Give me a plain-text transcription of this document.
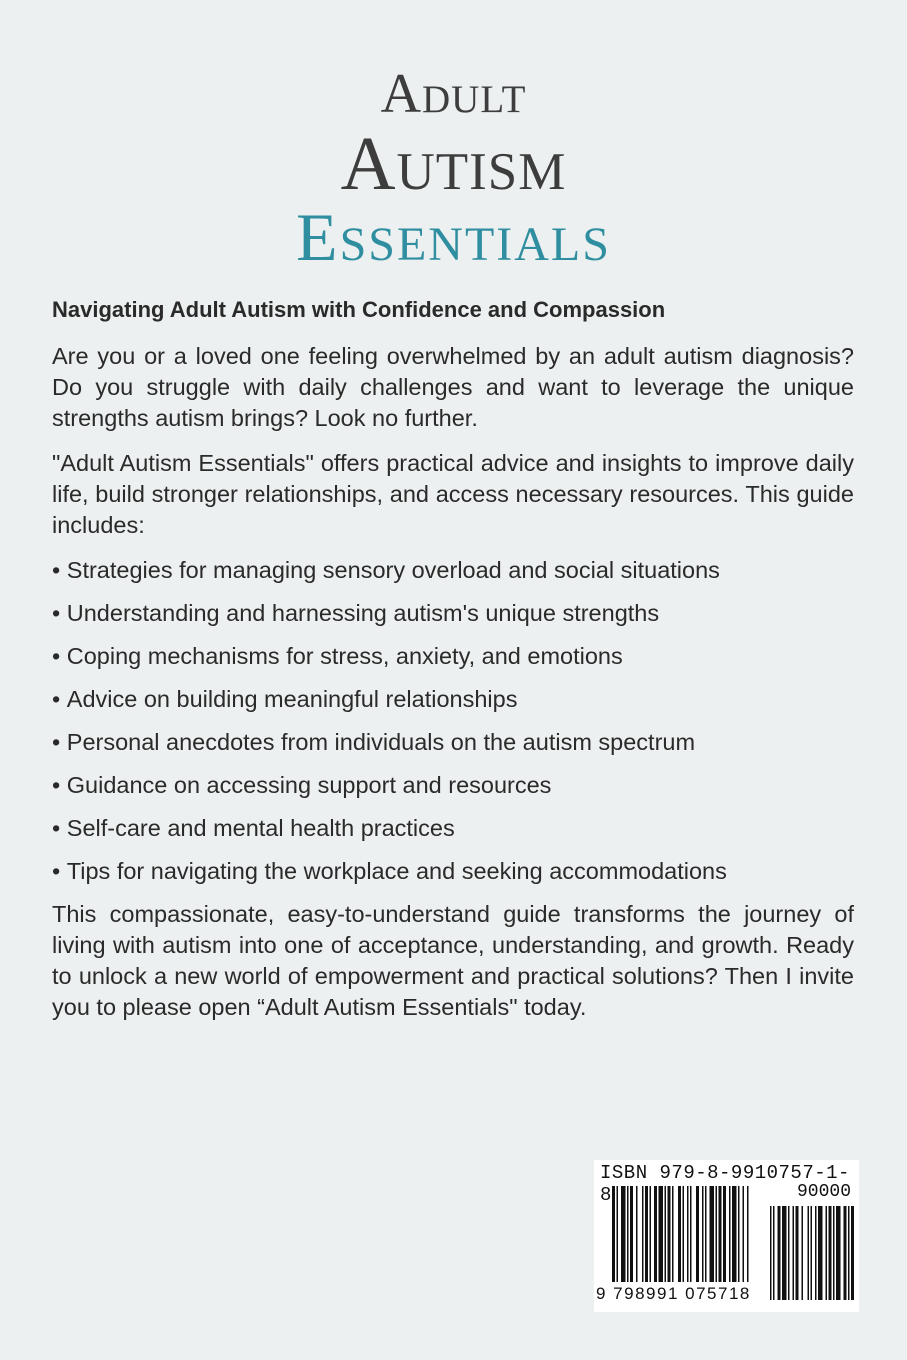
Adult
Autism
Essentials

Navigating Adult Autism with Confidence and Compassion

Are you or a loved one feeling overwhelmed by an adult autism diagnosis? Do you struggle with daily challenges and want to leverage the unique strengths autism brings? Look no further.

"Adult Autism Essentials" offers practical advice and insights to improve daily life, build stronger relationships, and access necessary resources. This guide includes:

• Strategies for managing sensory overload and social situations
• Understanding and harnessing autism's unique strengths
• Coping mechanisms for stress, anxiety, and emotions
• Advice on building meaningful relationships
• Personal anecdotes from individuals on the autism spectrum
• Guidance on accessing support and resources
• Self-care and mental health practices
• Tips for navigating the workplace and seeking accommodations

This compassionate, easy-to-understand guide transforms the journey of living with autism into one of acceptance, understanding, and growth. Ready to unlock a new world of empowerment and practical solutions? Then I invite you to please open “Adult Autism Essentials" today.

ISBN 979-8-9910757-1-8	90000
9 798991 075718
